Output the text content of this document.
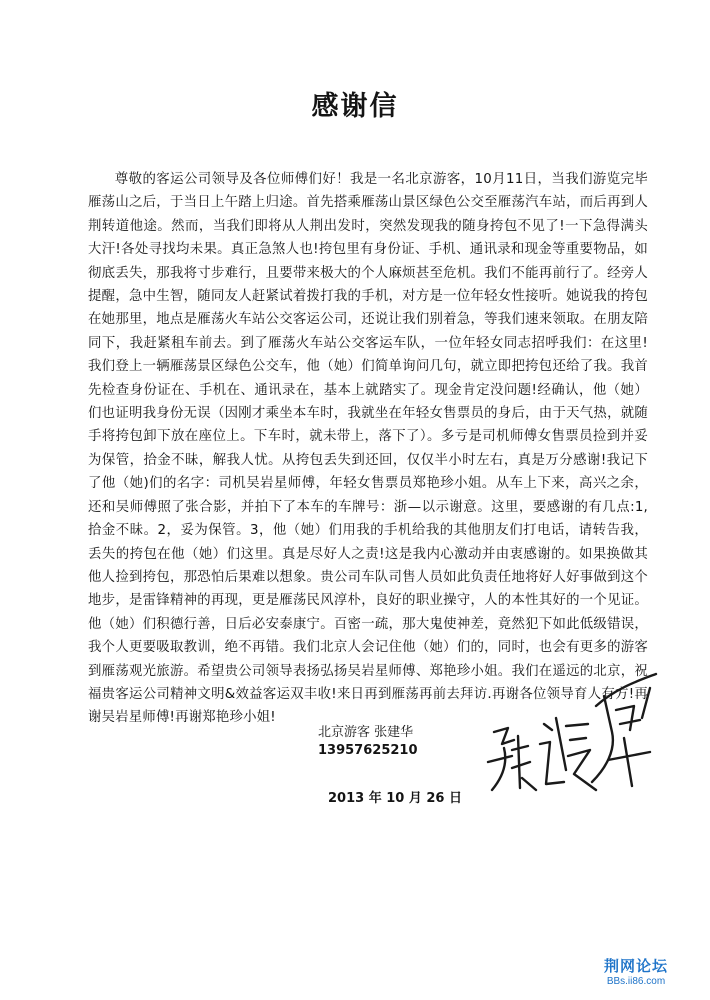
感谢信

尊敬的客运公司领导及各位师傅们好！我是一名北京游客，10月11日，当我们游览完毕雁荡山之后，于当日上午踏上归途。首先搭乘雁荡山景区绿色公交至雁荡汽车站，而后再到人荆转道他途。然而，当我们即将从人荆出发时，突然发现我的随身挎包不见了!一下急得满头大汗!各处寻找均未果。真正急煞人也!挎包里有身份证、手机、通讯录和现金等重要物品，如彻底丢失，那我将寸步难行，且要带来极大的个人麻烦甚至危机。我们不能再前行了。经旁人提醒，急中生智，随同友人赶紧试着拨打我的手机，对方是一位年轻女性接听。她说我的挎包在她那里，地点是雁荡火车站公交客运公司，还说让我们别着急，等我们速来领取。在朋友陪同下，我赶紧租车前去。到了雁荡火车站公交客运车队，一位年轻女同志招呼我们：在这里!我们登上一辆雁荡景区绿色公交车，他（她）们简单询问几句，就立即把挎包还给了我。我首先检查身份证在、手机在、通讯录在，基本上就踏实了。现金肯定没问题!经确认，他（她）们也证明我身份无误（因刚才乘坐本车时，我就坐在年轻女售票员的身后，由于天气热，就随手将挎包卸下放在座位上。下车时，就未带上，落下了）。多亏是司机师傅女售票员捡到并妥为保管，拾金不昧，解我人忧。从挎包丢失到还回，仅仅半小时左右，真是万分感谢!我记下了他（她)们的名字：司机吴岩星师傅，年轻女售票员郑艳珍小姐。从车上下来，高兴之余，还和吴师傅照了张合影，并拍下了本车的车牌号：浙—以示谢意。这里，要感谢的有几点:1,拾金不昧。2，妥为保管。3，他（她）们用我的手机给我的其他朋友们打电话，请转告我，丢失的挎包在他（她）们这里。真是尽好人之责!这是我内心激动并由衷感谢的。如果换做其他人捡到挎包，那恐怕后果难以想象。贵公司车队司售人员如此负责任地将好人好事做到这个地步，是雷锋精神的再现，更是雁荡民风淳朴，良好的职业操守，人的本性其好的一个见证。他（她）们积德行善，日后必安泰康宁。百密一疏，那大鬼使神差，竟然犯下如此低级错误，我个人更要吸取教训，绝不再错。我们北京人会记住他（她）们的，同时，也会有更多的游客到雁荡观光旅游。希望贵公司领导表扬弘扬吴岩星师傅、郑艳珍小姐。我们在遥远的北京，祝福贵客运公司精神文明&效益客运双丰收!来日再到雁荡再前去拜访.再谢各位领导育人有方!再谢吴岩星师傅!再谢郑艳珍小姐!

北京游客 张建华
13957625210
2013 年 10 月 26 日
荆网论坛
BBs.ii86.com
